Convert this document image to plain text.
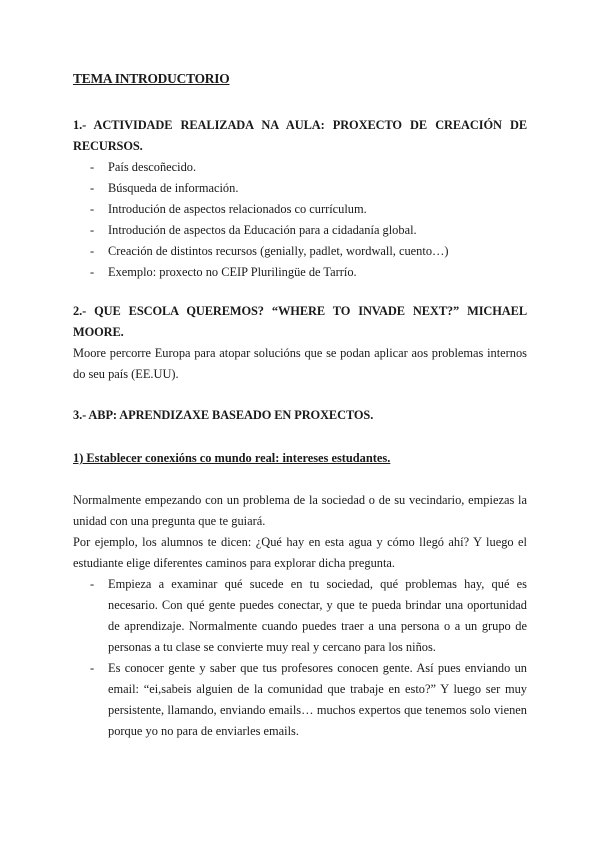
TEMA INTRODUCTORIO

1.- ACTIVIDADE REALIZADA NA AULA: PROXECTO DE CREACIÓN DE RECURSOS.

- País descoñecido.
- Búsqueda de información.
- Introdución de aspectos relacionados co currículum.
- Introdución de aspectos da Educación para a cidadanía global.
- Creación de distintos recursos (genially, padlet, wordwall, cuento…)
- Exemplo: proxecto no CEIP Plurilingüe de Tarrío.

2.- QUE ESCOLA QUEREMOS? “WHERE TO INVADE NEXT?” MICHAEL MOORE.

Moore percorre Europa para atopar solucións que se podan aplicar aos problemas internos do seu país (EE.UU).

3.- ABP: APRENDIZAXE BASEADO EN PROXECTOS.

1) Establecer conexións co mundo real: intereses estudantes.

Normalmente empezando con un problema de la sociedad o de su vecindario, empiezas la unidad con una pregunta que te guiará.

Por ejemplo, los alumnos te dicen: ¿Qué hay en esta agua y cómo llegó ahí? Y luego el estudiante elige diferentes caminos para explorar dicha pregunta.

- Empieza a examinar qué sucede en tu sociedad, qué problemas hay, qué es necesario. Con qué gente puedes conectar, y que te pueda brindar una oportunidad de aprendizaje. Normalmente cuando puedes traer a una persona o a un grupo de personas a tu clase se convierte muy real y cercano para los niños.
- Es conocer gente y saber que tus profesores conocen gente. Así pues enviando un email: “ei,sabeis alguien de la comunidad que trabaje en esto?” Y luego ser muy persistente, llamando, enviando emails… muchos expertos que tenemos solo vienen porque yo no para de enviarles emails.
